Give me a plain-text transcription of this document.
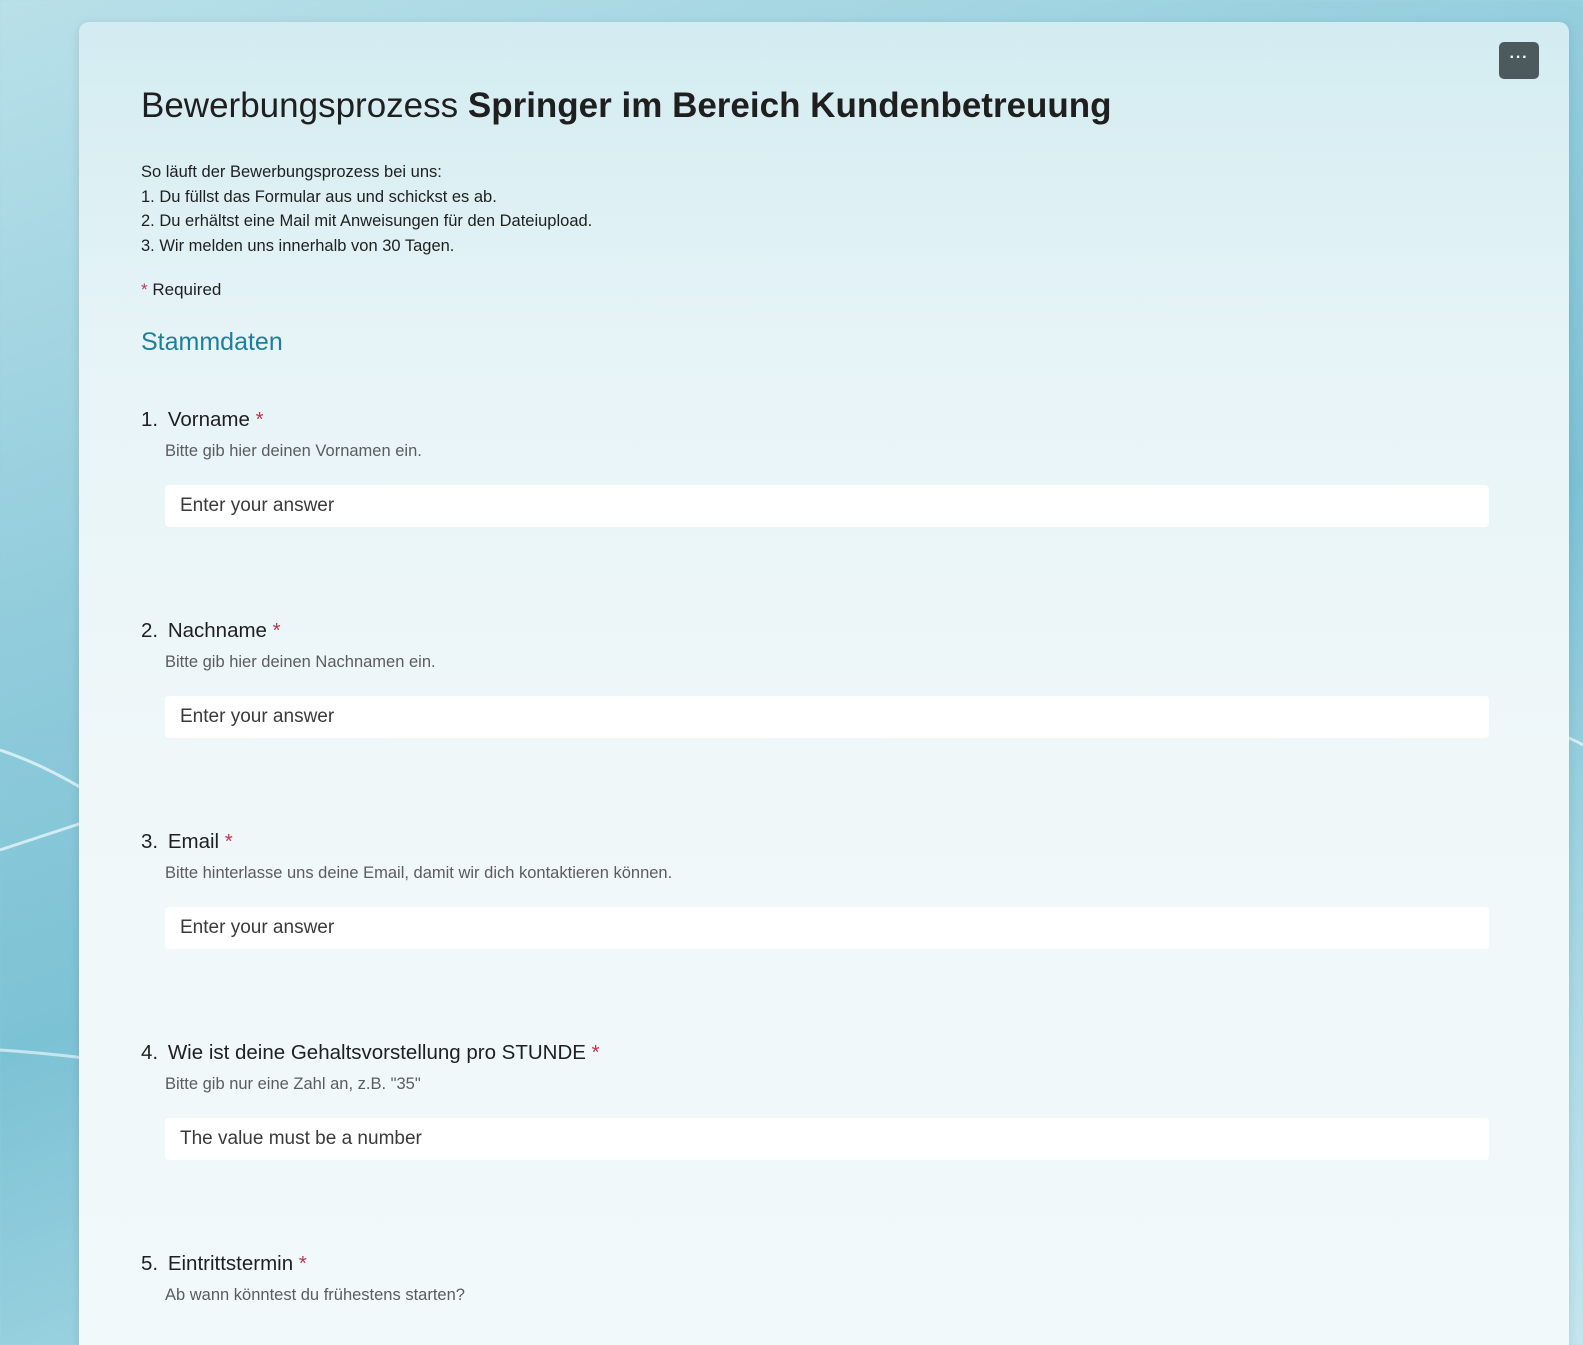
···
Bewerbungsprozess Springer im Bereich Kundenbetreuung
So läuft der Bewerbungsprozess bei uns:
1. Du füllst das Formular aus und schickst es ab.
2. Du erhältst eine Mail mit Anweisungen für den Dateiupload.
3. Wir melden uns innerhalb von 30 Tagen.
* Required
Stammdaten
1. Vorname *
Bitte gib hier deinen Vornamen ein.
Enter your answer
2. Nachname *
Bitte gib hier deinen Nachnamen ein.
Enter your answer
3. Email *
Bitte hinterlasse uns deine Email, damit wir dich kontaktieren können.
Enter your answer
4. Wie ist deine Gehaltsvorstellung pro STUNDE *
Bitte gib nur eine Zahl an, z.B. "35"
The value must be a number
5. Eintrittstermin *
Ab wann könntest du frühestens starten?
